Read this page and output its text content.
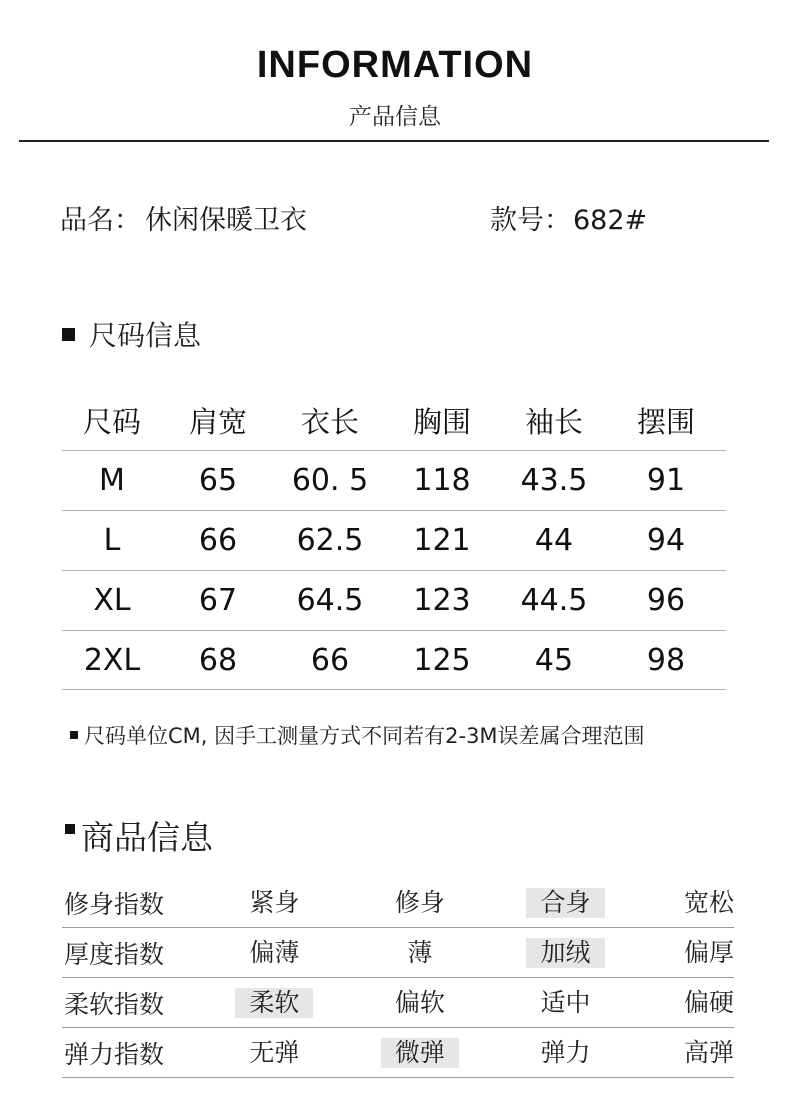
INFORMATION
产品信息
品名： 休闲保暖卫衣	款号：682#
尺码信息
尺码	肩宽	衣长	胸围	袖长	摆围
M	65	60. 5	118	43.5	91
L	66	62.5	121	44	94
XL	67	64.5	123	44.5	96
2XL	68	66	125	45	98
尺码单位CM, 因手工测量方式不同若有2-3M误差属合理范围
商品信息
修身指数	紧身	修身	合身	宽松
厚度指数	偏薄	薄	加绒	偏厚
柔软指数	柔软	偏软	适中	偏硬
弹力指数	无弹	微弹	弹力	高弹
